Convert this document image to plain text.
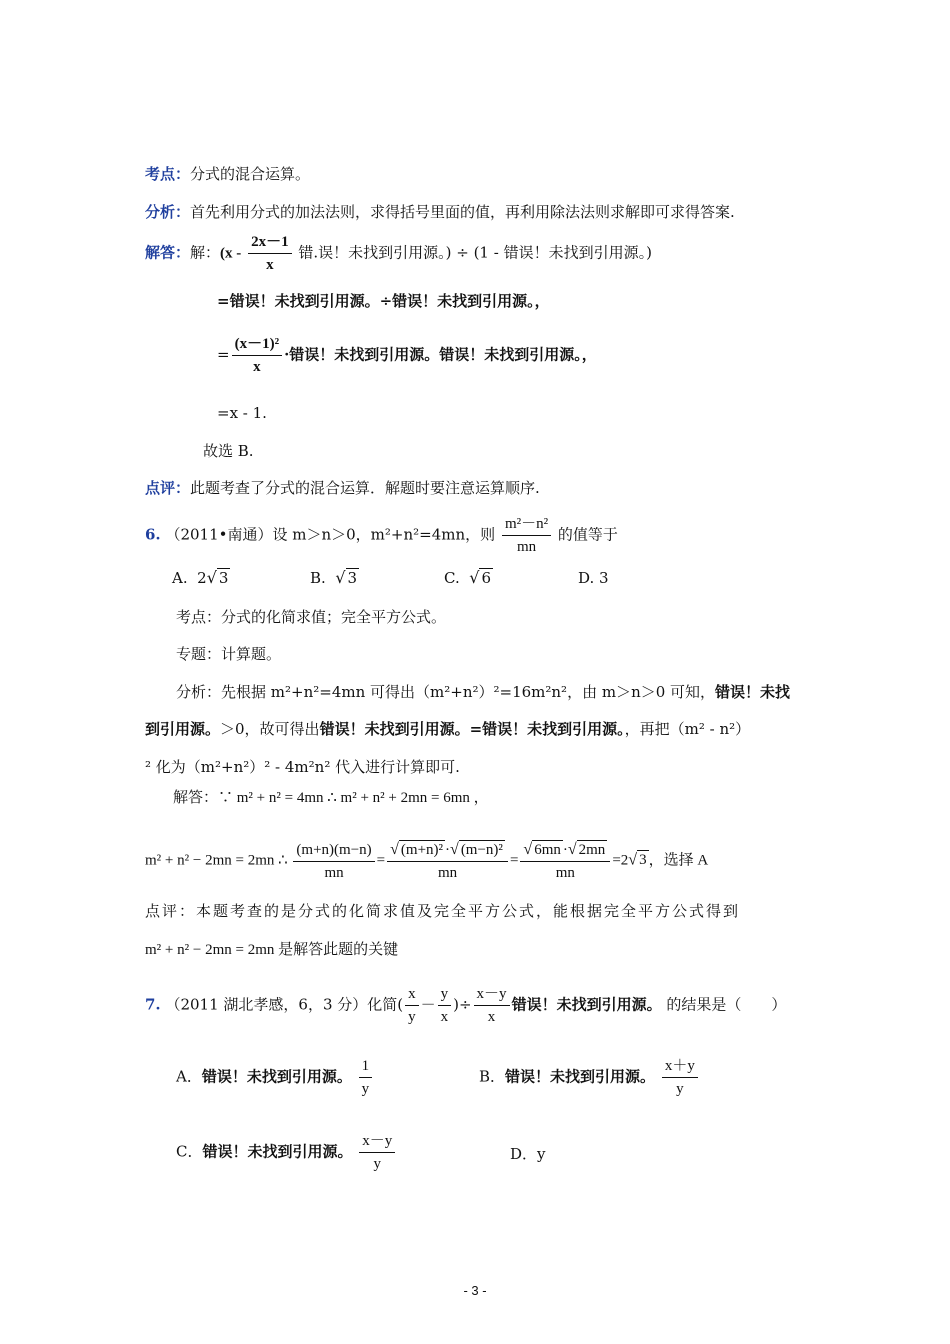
考点：分式的混合运算。
分析：首先利用分式的加法法则，求得括号里面的值，再利用除法法则求解即可求得答案.
解答：解：($x - \frac{2x-1}{x}$ 错.误！未找到引用源。) ÷ (1 - 错误！未找到引用源。)
=错误！未找到引用源。÷错误！未找到引用源。，
= $\frac{\text{(x－1)²}}{x}$ ·错误！未找到引用源。错误！未找到引用源。，
=x - 1.
故选 B.
点评：此题考查了分式的混合运算．解题时要注意运算顺序.
6. （2011•南通）设 m＞n＞0，m²+n²=4mn，则 $\frac{\text{m²－n²}}{mn}$ 的值等于
A. 2√ 3	B. √ 3	C. √ 6	D. 3
考点：分式的化简求值；完全平方公式。
专题：计算题。
分析：先根据 m²+n²=4mn 可得出（m²+n²）²=16m²n²，由 m＞n＞0 可知，错误！未找
到引用源。＞0，故可得出错误！未找到引用源。=错误！未找到引用源。，再把（m² - n²）
² 化为（m²+n²）² - 4m²n² 代入进行计算即可.
解答：∵ m² + n² = 4mn ∴ m² + n² + 2mn = 6mn ，
m² + n² − 2mn = 2mn ∴ $\frac{(m+n)(m-n)}{mn} = \frac{\text{√ (m+n)² ·√ (m−n)²}}{mn} = \frac{√ 6mn \cdot√ 2mn}{mn} =2√$ 3 ，选择 A
点评：本题考查的是分式的化简求值及完全平方公式，能根据完全平方公式得到
m² + n² − 2mn = 2mn 是解答此题的关键
7. （2011 湖北孝感，6，3 分）化简( $\frac{x}{y} - \frac{y}{x}$ )÷ $\frac{x-y}{x}$ 错误！未找到引用源。 的结果是（　　）
A．错误！未找到引用源。 $\frac{1}{y}$	B．错误！未找到引用源。 $\frac{x+y}{y}$
C．错误！未找到引用源。 $\frac{x-y}{y}$	D．y
- 3 -
